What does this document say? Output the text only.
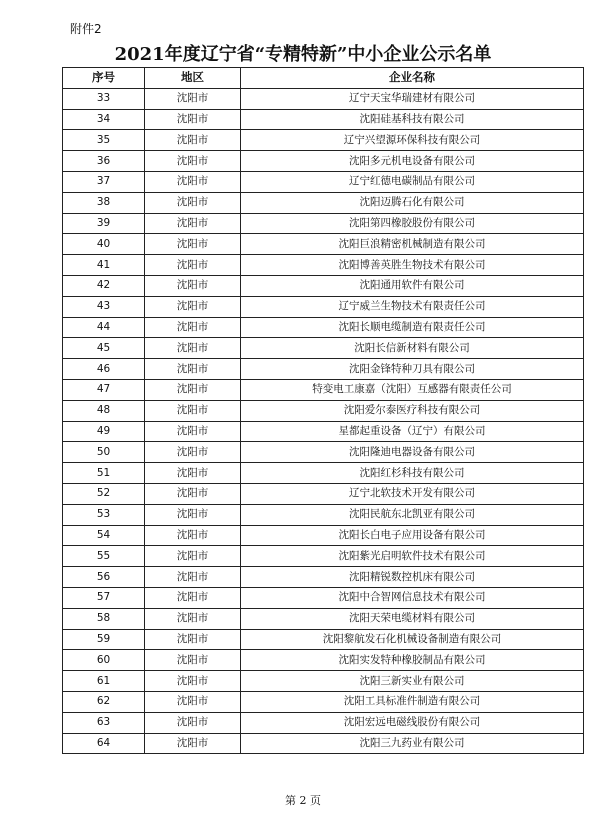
附件2
2021年度辽宁省“专精特新”中小企业公示名单
序号	地区	企业名称
33	沈阳市	辽宁天宝华瑞建材有限公司
34	沈阳市	沈阳硅基科技有限公司
35	沈阳市	辽宁兴望源环保科技有限公司
36	沈阳市	沈阳多元机电设备有限公司
37	沈阳市	辽宁红德电碳制品有限公司
38	沈阳市	沈阳迈腾石化有限公司
39	沈阳市	沈阳第四橡胶股份有限公司
40	沈阳市	沈阳巨浪精密机械制造有限公司
41	沈阳市	沈阳博善英胜生物技术有限公司
42	沈阳市	沈阳通用软件有限公司
43	沈阳市	辽宁威兰生物技术有限责任公司
44	沈阳市	沈阳长顺电缆制造有限责任公司
45	沈阳市	沈阳长信新材料有限公司
46	沈阳市	沈阳金锋特种刀具有限公司
47	沈阳市	特变电工康嘉（沈阳）互感器有限责任公司
48	沈阳市	沈阳爱尔泰医疗科技有限公司
49	沈阳市	星都起重设备（辽宁）有限公司
50	沈阳市	沈阳隆迪电器设备有限公司
51	沈阳市	沈阳红杉科技有限公司
52	沈阳市	辽宁北软技术开发有限公司
53	沈阳市	沈阳民航东北凯亚有限公司
54	沈阳市	沈阳长白电子应用设备有限公司
55	沈阳市	沈阳紫光启明软件技术有限公司
56	沈阳市	沈阳精锐数控机床有限公司
57	沈阳市	沈阳中合智网信息技术有限公司
58	沈阳市	沈阳天荣电缆材料有限公司
59	沈阳市	沈阳黎航发石化机械设备制造有限公司
60	沈阳市	沈阳实发特种橡胶制品有限公司
61	沈阳市	沈阳三新实业有限公司
62	沈阳市	沈阳工具标准件制造有限公司
63	沈阳市	沈阳宏远电磁线股份有限公司
64	沈阳市	沈阳三九药业有限公司
第 2 页
